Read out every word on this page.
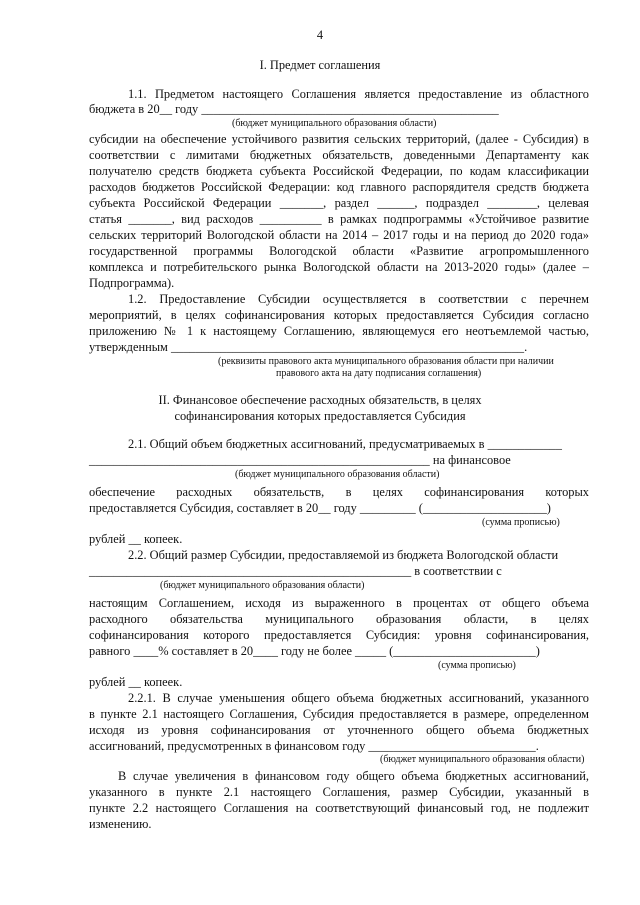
4
I. Предмет соглашения
1.1. Предметом настоящего Соглашения является предоставление из областного
бюджета в 20__ году ________________________________________________
(бюджет муниципального образования области)
субсидии на обеспечение устойчивого развития сельских территорий, (далее - Субсидия) в
соответствии с лимитами бюджетных обязательств, доведенными Департаменту как
получателю средств бюджета субъекта Российской Федерации, по кодам классификации
расходов бюджетов Российской Федерации: код главного распорядителя средств бюджета
субъекта Российской Федерации _______, раздел ______, подраздел ________, целевая
статья _______, вид расходов __________ в рамках подпрограммы «Устойчивое развитие
сельских территорий Вологодской области на 2014 – 2017 годы и на период до 2020 года»
государственной программы Вологодской области «Развитие агропромышленного
комплекса и потребительского рынка Вологодской области на 2013-2020 годы» (далее –
Подпрограмма).
1.2. Предоставление Субсидии осуществляется в соответствии с перечнем
мероприятий, в целях софинансирования которых предоставляется Субсидия согласно
приложению № 1 к настоящему Соглашению, являющемуся его неотъемлемой частью,
утвержденным _________________________________________________________.
(реквизиты правового акта муниципального образования области при наличии
правового акта на дату подписания соглашения)
II. Финансовое обеспечение расходных обязательств, в целях
софинансирования которых предоставляется Субсидия
2.1. Общий объем бюджетных ассигнований, предусматриваемых в ____________
_______________________________________________________ на финансовое
(бюджет муниципального образования области)
обеспечение расходных обязательств, в целях софинансирования которых
предоставляется Субсидия, составляет в 20__ году _________ (____________________)
(сумма прописью)
рублей __ копеек.
2.2. Общий размер Субсидии, предоставляемой из бюджета Вологодской области
____________________________________________________ в соответствии с
(бюджет муниципального образования области)
настоящим Соглашением, исходя из выраженного в процентах от общего объема
расходного обязательства муниципального образования области, в целях
софинансирования которого предоставляется Субсидия: уровня софинансирования,
равного ____% составляет в 20____ году не более _____ (_______________________)
(сумма прописью)
рублей __ копеек.
2.2.1. В случае уменьшения общего объема бюджетных ассигнований, указанного
в пункте 2.1 настоящего Соглашения, Субсидия предоставляется в размере, определенном
исходя из уровня софинансирования от уточненного общего объема бюджетных
ассигнований, предусмотренных в финансовом году ___________________________.
(бюджет муниципального образования области)
В случае увеличения в финансовом году общего объема бюджетных ассигнований,
указанного в пункте 2.1 настоящего Соглашения, размер Субсидии, указанный в
пункте 2.2 настоящего Соглашения на соответствующий финансовый год, не подлежит
изменению.
